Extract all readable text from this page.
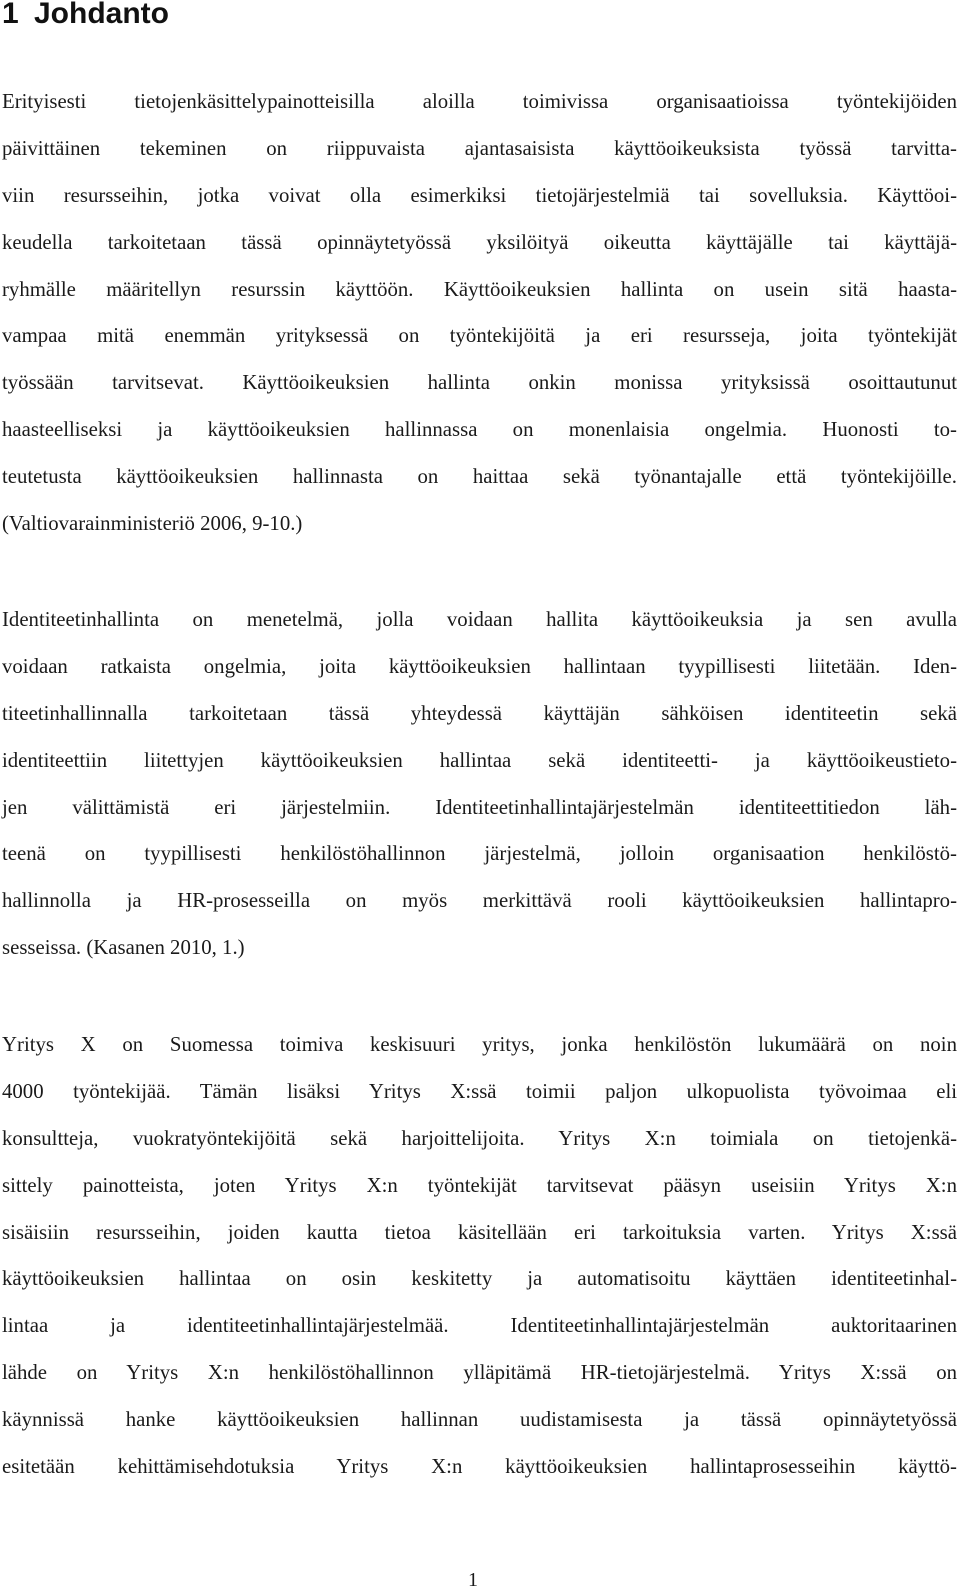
1 Johdanto
Erityisesti tietojenkäsittelypainotteisilla aloilla toimivissa organisaatioissa työntekijöiden
päivittäinen tekeminen on riippuvaista ajantasaisista käyttöoikeuksista työssä tarvitta-
viin resursseihin, jotka voivat olla esimerkiksi tietojärjestelmiä tai sovelluksia. Käyttöoi-
keudella tarkoitetaan tässä opinnäytetyössä yksilöityä oikeutta käyttäjälle tai käyttäjä-
ryhmälle määritellyn resurssin käyttöön. Käyttöoikeuksien hallinta on usein sitä haasta-
vampaa mitä enemmän yrityksessä on työntekijöitä ja eri resursseja, joita työntekijät
työssään tarvitsevat. Käyttöoikeuksien hallinta onkin monissa yrityksissä osoittautunut
haasteelliseksi ja käyttöoikeuksien hallinnassa on monenlaisia ongelmia. Huonosti to-
teutetusta käyttöoikeuksien hallinnasta on haittaa sekä työnantajalle että työntekijöille.
(Valtiovarainministeriö 2006, 9-10.)
Identiteetinhallinta on menetelmä, jolla voidaan hallita käyttöoikeuksia ja sen avulla
voidaan ratkaista ongelmia, joita käyttöoikeuksien hallintaan tyypillisesti liitetään. Iden-
titeetinhallinnalla tarkoitetaan tässä yhteydessä käyttäjän sähköisen identiteetin sekä
identiteettiin liitettyjen käyttöoikeuksien hallintaa sekä identiteetti- ja käyttöoikeustieto-
jen välittämistä eri järjestelmiin. Identiteetinhallintajärjestelmän identiteettitiedon läh-
teenä on tyypillisesti henkilöstöhallinnon järjestelmä, jolloin organisaation henkilöstö-
hallinnolla ja HR-prosesseilla on myös merkittävä rooli käyttöoikeuksien hallintapro-
sesseissa. (Kasanen 2010, 1.)
Yritys X on Suomessa toimiva keskisuuri yritys, jonka henkilöstön lukumäärä on noin
4000 työntekijää. Tämän lisäksi Yritys X:ssä toimii paljon ulkopuolista työvoimaa eli
konsultteja, vuokratyöntekijöitä sekä harjoittelijoita. Yritys X:n toimiala on tietojenkä-
sittely painotteista, joten Yritys X:n työntekijät tarvitsevat pääsyn useisiin Yritys X:n
sisäisiin resursseihin, joiden kautta tietoa käsitellään eri tarkoituksia varten. Yritys X:ssä
käyttöoikeuksien hallintaa on osin keskitetty ja automatisoitu käyttäen identiteetinhal-
lintaa ja identiteetinhallintajärjestelmää. Identiteetinhallintajärjestelmän auktoritaarinen
lähde on Yritys X:n henkilöstöhallinnon ylläpitämä HR-tietojärjestelmä. Yritys X:ssä on
käynnissä hanke käyttöoikeuksien hallinnan uudistamisesta ja tässä opinnäytetyössä
esitetään kehittämisehdotuksia Yritys X:n käyttöoikeuksien hallintaprosesseihin käyttö-

1
